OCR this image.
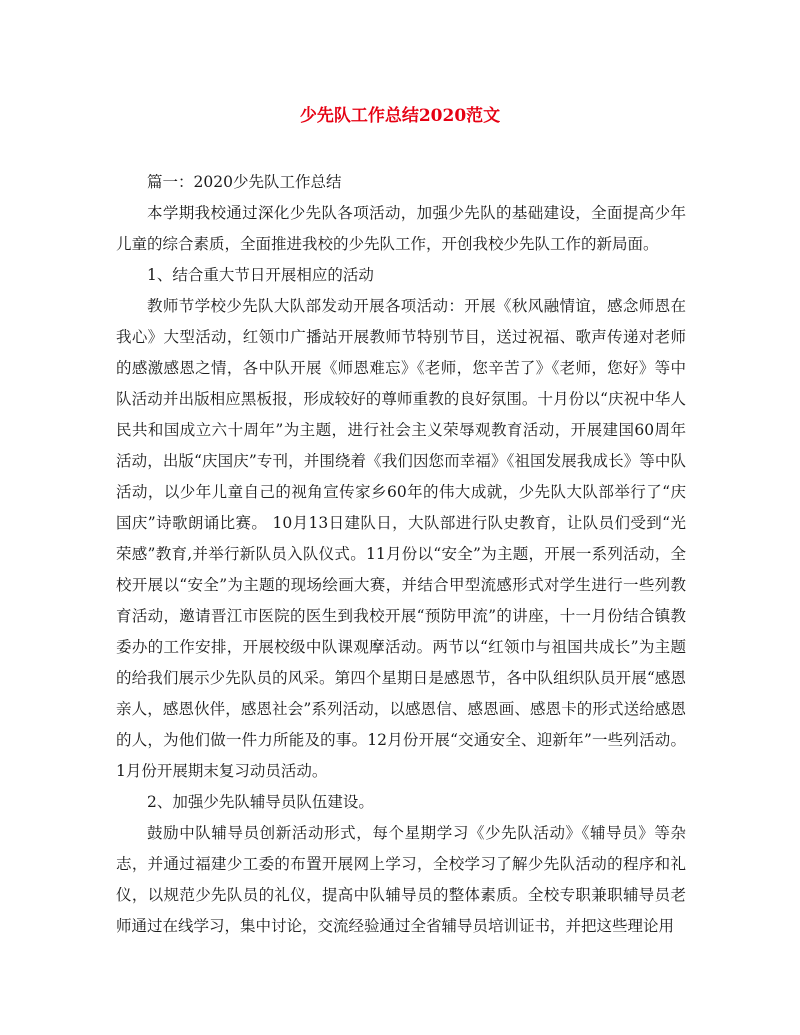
少先队工作总结2020范文

篇一：2020少先队工作总结

本学期我校通过深化少先队各项活动，加强少先队的基础建设，全面提高少年儿童的综合素质，全面推进我校的少先队工作，开创我校少先队工作的新局面。

1、结合重大节日开展相应的活动

教师节学校少先队大队部发动开展各项活动：开展《秋风融情谊，感念师恩在我心》大型活动，红领巾广播站开展教师节特别节目，送过祝福、歌声传递对老师的感激感恩之情，各中队开展《师恩难忘》《老师，您辛苦了》《老师，您好》等中队活动并出版相应黑板报，形成较好的尊师重教的良好氛围。十月份以“庆祝中华人民共和国成立六十周年”为主题，进行社会主义荣辱观教育活动，开展建国60周年活动，出版“庆国庆”专刊，并围绕着《我们因您而幸福》《祖国发展我成长》等中队活动，以少年儿童自己的视角宣传家乡60年的伟大成就，少先队大队部举行了“庆国庆”诗歌朗诵比赛。 10月13日建队日，大队部进行队史教育，让队员们受到“光荣感”教育,并举行新队员入队仪式。11月份以“安全”为主题，开展一系列活动，全校开展以“安全”为主题的现场绘画大赛，并结合甲型流感形式对学生进行一些列教育活动，邀请晋江市医院的医生到我校开展“预防甲流”的讲座，十一月份结合镇教委办的工作安排，开展校级中队课观摩活动。两节以“红领巾与祖国共成长”为主题的给我们展示少先队员的风采。第四个星期日是感恩节，各中队组织队员开展“感恩亲人，感恩伙伴，感恩社会”系列活动，以感恩信、感恩画、感恩卡的形式送给感恩的人，为他们做一件力所能及的事。12月份开展“交通安全、迎新年”一些列活动。1月份开展期末复习动员活动。

2、加强少先队辅导员队伍建设。

鼓励中队辅导员创新活动形式，每个星期学习《少先队活动》《辅导员》等杂志，并通过福建少工委的布置开展网上学习，全校学习了解少先队活动的程序和礼仪，以规范少先队员的礼仪，提高中队辅导员的整体素质。全校专职兼职辅导员老师通过在线学习，集中讨论，交流经验通过全省辅导员培训证书，并把这些理论用
